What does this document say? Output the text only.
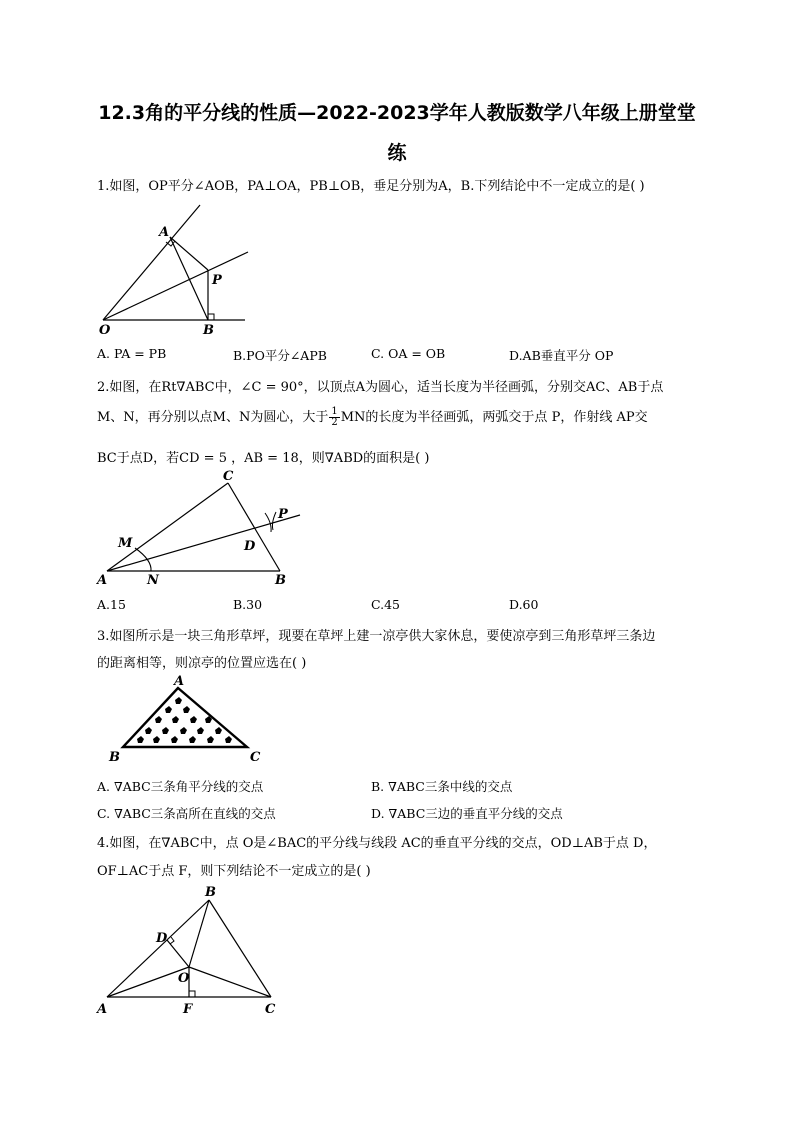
12.3角的平分线的性质—2022-2023学年人教版数学八年级上册堂堂
练
1.如图，OP平分∠AOB，PA⊥OA，PB⊥OB，垂足分别为A，B.下列结论中不一定成立的是( )
A
P
O	B
A. PA = PB	B.PO平分∠APB	C. OA = OB	D.AB垂直平分 OP
2.如图，在Rt∇ABC中，∠C = 90°，以顶点A为圆心，适当长度为半径画弧，分别交AC、AB于点
M、N，再分别以点M、N为圆心，大于 $\frac{1}{2}$ MN的长度为半径画弧，两弧交于点 P，作射线 AP交
BC于点D，若CD = 5 ，AB = 18，则∇ABD的面积是( )
M
C
P
D
A	N	B
A.15	B.30	C.45	D.60
3.如图所示是一块三角形草坪，现要在草坪上建一凉亭供大家休息，要使凉亭到三角形草坪三条边
的距离相等，则凉亭的位置应选在( )
A
B	C
A. ∇ABC三条角平分线的交点	B. ∇ABC三条中线的交点
C. ∇ABC三条高所在直线的交点	D. ∇ABC三边的垂直平分线的交点
4.如图，在∇ABC中，点 O是∠BAC的平分线与线段 AC的垂直平分线的交点，OD⊥AB于点 D，
OF⊥AC于点 F，则下列结论不一定成立的是( )
B
D
O
A	F	C
